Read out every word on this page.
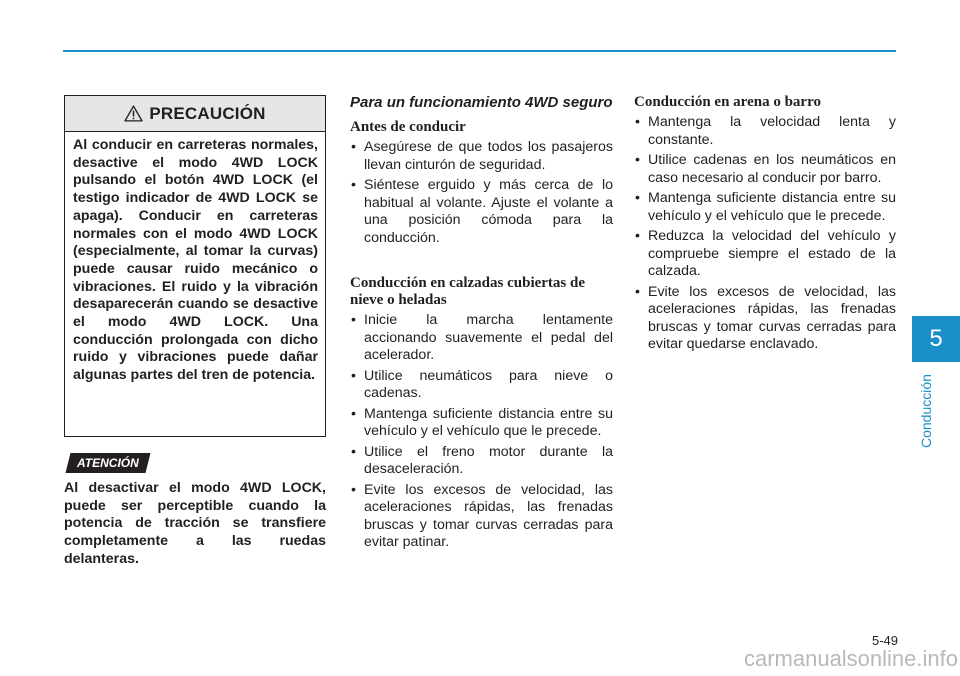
5
Conducción
PRECAUCIÓN
Al conducir en carreteras normales, desactive el modo 4WD LOCK pulsando el botón 4WD LOCK (el testigo indicador de 4WD LOCK se apaga). Conducir en carreteras normales con el modo 4WD LOCK (especialmente, al tomar la curvas) puede causar ruido mecánico o vibraciones. El ruido y la vibración desaparecerán cuando se desactive el modo 4WD LOCK. Una conducción prolongada con dicho ruido y vibraciones puede dañar algunas partes del tren de potencia.
ATENCIÓN
Al desactivar el modo 4WD LOCK, puede ser perceptible cuando la potencia de tracción se transfiere completamente a las ruedas delanteras.
Para un funcionamiento 4WD seguro
Antes de conducir
• Asegúrese de que todos los pasajeros llevan cinturón de seguridad.
• Siéntese erguido y más cerca de lo habitual al volante. Ajuste el volante a una posición cómoda para la conducción.
Conducción en calzadas cubiertas de nieve o heladas
• Inicie la marcha lentamente accionando suavemente el pedal del acelerador.
• Utilice neumáticos para nieve o cadenas.
• Mantenga suficiente distancia entre su vehículo y el vehículo que le precede.
• Utilice el freno motor durante la desaceleración.
• Evite los excesos de velocidad, las aceleraciones rápidas, las frenadas bruscas y tomar curvas cerradas para evitar patinar.
Conducción en arena o barro
• Mantenga la velocidad lenta y constante.
• Utilice cadenas en los neumáticos en caso necesario al conducir por barro.
• Mantenga suficiente distancia entre su vehículo y el vehículo que le precede.
• Reduzca la velocidad del vehículo y compruebe siempre el estado de la calzada.
• Evite los excesos de velocidad, las aceleraciones rápidas, las frenadas bruscas y tomar curvas cerradas para evitar quedarse enclavado.
5-49
carmanualsonline.info
